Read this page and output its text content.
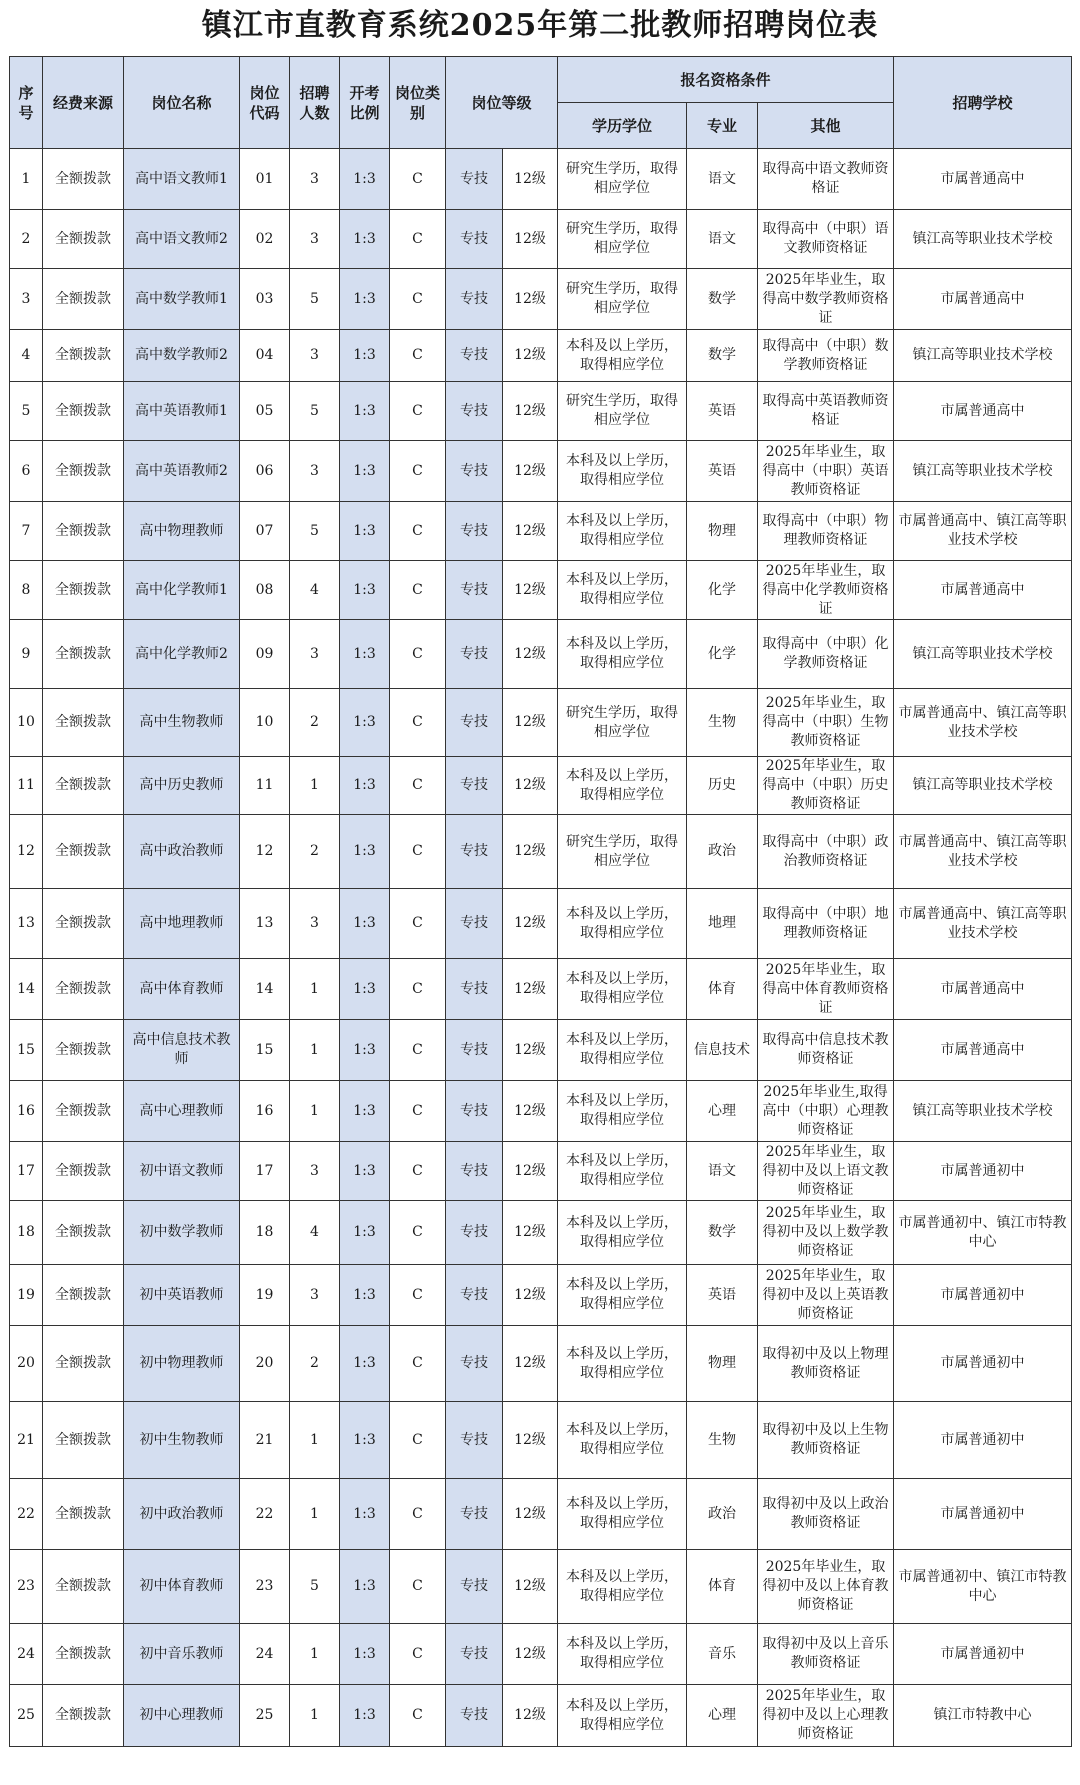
镇江市直教育系统2025年第二批教师招聘岗位表
序号	经费来源	岗位名称	岗位代码	招聘人数	开考比例	岗位类别	岗位等级		报名资格条件			招聘学校
									学历学位	专业	其他	
1	全额拨款	高中语文教师1	01	3	1:3	C	专技	12级	研究生学历，取得相应学位	语文	取得高中语文教师资格证	市属普通高中
2	全额拨款	高中语文教师2	02	3	1:3	C	专技	12级	研究生学历，取得相应学位	语文	取得高中（中职）语文教师资格证	镇江高等职业技术学校
3	全额拨款	高中数学教师1	03	5	1:3	C	专技	12级	研究生学历，取得相应学位	数学	2025年毕业生，取得高中数学教师资格证	市属普通高中
4	全额拨款	高中数学教师2	04	3	1:3	C	专技	12级	本科及以上学历，取得相应学位	数学	取得高中（中职）数学教师资格证	镇江高等职业技术学校
5	全额拨款	高中英语教师1	05	5	1:3	C	专技	12级	研究生学历，取得相应学位	英语	取得高中英语教师资格证	市属普通高中
6	全额拨款	高中英语教师2	06	3	1:3	C	专技	12级	本科及以上学历，取得相应学位	英语	2025年毕业生，取得高中（中职）英语教师资格证	镇江高等职业技术学校
7	全额拨款	高中物理教师	07	5	1:3	C	专技	12级	本科及以上学历，取得相应学位	物理	取得高中（中职）物理教师资格证	市属普通高中、镇江高等职业技术学校
8	全额拨款	高中化学教师1	08	4	1:3	C	专技	12级	本科及以上学历，取得相应学位	化学	2025年毕业生，取得高中化学教师资格证	市属普通高中
9	全额拨款	高中化学教师2	09	3	1:3	C	专技	12级	本科及以上学历，取得相应学位	化学	取得高中（中职）化学教师资格证	镇江高等职业技术学校
10	全额拨款	高中生物教师	10	2	1:3	C	专技	12级	研究生学历，取得相应学位	生物	2025年毕业生，取得高中（中职）生物教师资格证	市属普通高中、镇江高等职业技术学校
11	全额拨款	高中历史教师	11	1	1:3	C	专技	12级	本科及以上学历，取得相应学位	历史	2025年毕业生，取得高中（中职）历史教师资格证	镇江高等职业技术学校
12	全额拨款	高中政治教师	12	2	1:3	C	专技	12级	研究生学历，取得相应学位	政治	取得高中（中职）政治教师资格证	市属普通高中、镇江高等职业技术学校
13	全额拨款	高中地理教师	13	3	1:3	C	专技	12级	本科及以上学历，取得相应学位	地理	取得高中（中职）地理教师资格证	市属普通高中、镇江高等职业技术学校
14	全额拨款	高中体育教师	14	1	1:3	C	专技	12级	本科及以上学历，取得相应学位	体育	2025年毕业生，取得高中体育教师资格证	市属普通高中
15	全额拨款	高中信息技术教师	15	1	1:3	C	专技	12级	本科及以上学历，取得相应学位	信息技术	取得高中信息技术教师资格证	市属普通高中
16	全额拨款	高中心理教师	16	1	1:3	C	专技	12级	本科及以上学历，取得相应学位	心理	2025年毕业生,取得高中（中职）心理教师资格证	镇江高等职业技术学校
17	全额拨款	初中语文教师	17	3	1:3	C	专技	12级	本科及以上学历，取得相应学位	语文	2025年毕业生，取得初中及以上语文教师资格证	市属普通初中
18	全额拨款	初中数学教师	18	4	1:3	C	专技	12级	本科及以上学历，取得相应学位	数学	2025年毕业生，取得初中及以上数学教师资格证	市属普通初中、镇江市特教中心
19	全额拨款	初中英语教师	19	3	1:3	C	专技	12级	本科及以上学历，取得相应学位	英语	2025年毕业生，取得初中及以上英语教师资格证	市属普通初中
20	全额拨款	初中物理教师	20	2	1:3	C	专技	12级	本科及以上学历，取得相应学位	物理	取得初中及以上物理教师资格证	市属普通初中
21	全额拨款	初中生物教师	21	1	1:3	C	专技	12级	本科及以上学历，取得相应学位	生物	取得初中及以上生物教师资格证	市属普通初中
22	全额拨款	初中政治教师	22	1	1:3	C	专技	12级	本科及以上学历，取得相应学位	政治	取得初中及以上政治教师资格证	市属普通初中
23	全额拨款	初中体育教师	23	5	1:3	C	专技	12级	本科及以上学历，取得相应学位	体育	2025年毕业生，取得初中及以上体育教师资格证	市属普通初中、镇江市特教中心
24	全额拨款	初中音乐教师	24	1	1:3	C	专技	12级	本科及以上学历，取得相应学位	音乐	取得初中及以上音乐教师资格证	市属普通初中
25	全额拨款	初中心理教师	25	1	1:3	C	专技	12级	本科及以上学历，取得相应学位	心理	2025年毕业生，取得初中及以上心理教师资格证	镇江市特教中心
